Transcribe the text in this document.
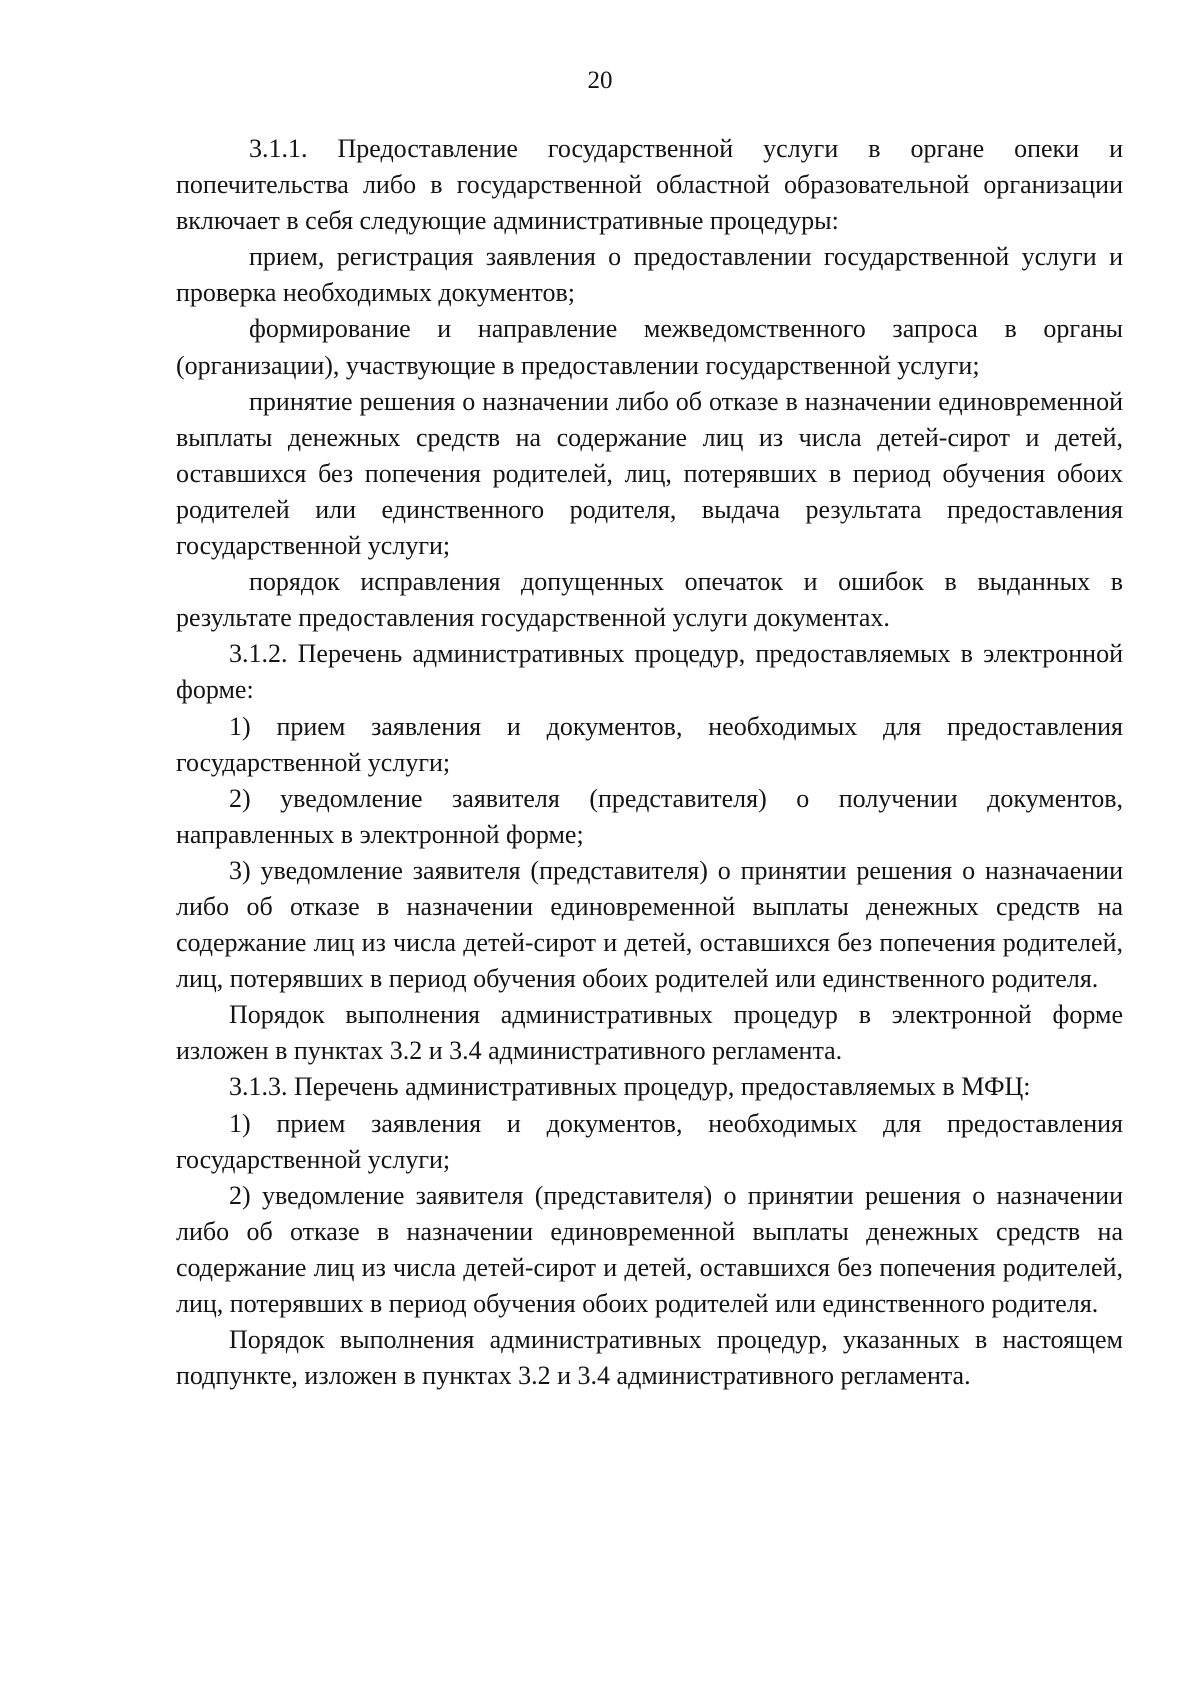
20

3.1.1. Предоставление государственной услуги в органе опеки и попечительства либо в государственной областной образовательной организации включает в себя следующие административные процедуры:

прием, регистрация заявления о предоставлении государственной услуги и проверка необходимых документов;

формирование и направление межведомственного запроса в органы (организации), участвующие в предоставлении государственной услуги;

принятие решения о назначении либо об отказе в назначении единовременной выплаты денежных средств на содержание лиц из числа детей-сирот и детей, оставшихся без попечения родителей, лиц, потерявших в период обучения обоих родителей или единственного родителя, выдача результата предоставления государственной услуги;

порядок исправления допущенных опечаток и ошибок в выданных в результате предоставления государственной услуги документах.

3.1.2. Перечень административных процедур, предоставляемых в электронной форме:

1) прием заявления и документов, необходимых для предоставления государственной услуги;

2) уведомление заявителя (представителя) о получении документов, направленных в электронной форме;

3) уведомление заявителя (представителя) о принятии решения о назначаении либо об отказе в назначении единовременной выплаты денежных средств на содержание лиц из числа детей-сирот и детей, оставшихся без попечения родителей, лиц, потерявших в период обучения обоих родителей или единственного родителя.

Порядок выполнения административных процедур в электронной форме изложен в пунктах 3.2 и 3.4 административного регламента.

3.1.3. Перечень административных процедур, предоставляемых в МФЦ:

1) прием заявления и документов, необходимых для предоставления государственной услуги;

2) уведомление заявителя (представителя) о принятии решения о назначении либо об отказе в назначении единовременной выплаты денежных средств на содержание лиц из числа детей-сирот и детей, оставшихся без попечения родителей, лиц, потерявших в период обучения обоих родителей или единственного родителя.

Порядок выполнения административных процедур, указанных в настоящем подпункте, изложен в пунктах 3.2 и 3.4 административного регламента.
